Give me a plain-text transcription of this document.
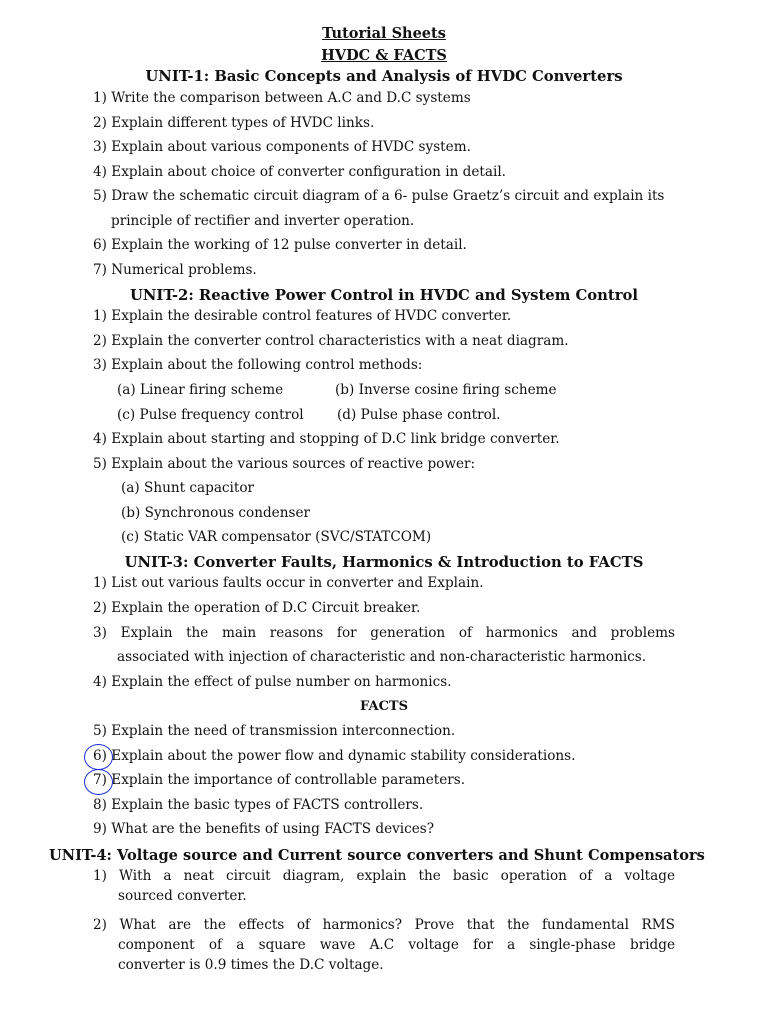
Tutorial Sheets
HVDC & FACTS
UNIT-1: Basic Concepts and Analysis of HVDC Converters
1) Write the comparison between A.C and D.C systems
2) Explain different types of HVDC links.
3) Explain about various components of HVDC system.
4) Explain about choice of converter configuration in detail.
5) Draw the schematic circuit diagram of a 6- pulse Graetz’s circuit and explain its
principle of rectifier and inverter operation.
6) Explain the working of 12 pulse converter in detail.
7) Numerical problems.
UNIT-2: Reactive Power Control in HVDC and System Control
1) Explain the desirable control features of HVDC converter.
2) Explain the converter control characteristics with a neat diagram.
3) Explain about the following control methods:
(a) Linear firing scheme	(b) Inverse cosine firing scheme
(c) Pulse frequency control (d) Pulse phase control.
4) Explain about starting and stopping of D.C link bridge converter.
5) Explain about the various sources of reactive power:
(a) Shunt capacitor
(b) Synchronous condenser
(c) Static VAR compensator (SVC/STATCOM)
UNIT-3: Converter Faults, Harmonics & Introduction to FACTS
1) List out various faults occur in converter and Explain.
2) Explain the operation of D.C Circuit breaker.
3) Explain the main reasons for generation of harmonics and problems
associated with injection of characteristic and non-characteristic harmonics.
4) Explain the effect of pulse number on harmonics.
FACTS
5) Explain the need of transmission interconnection.
6) Explain about the power flow and dynamic stability considerations.
7) Explain the importance of controllable parameters.
8) Explain the basic types of FACTS controllers.
9) What are the benefits of using FACTS devices?
UNIT-4: Voltage source and Current source converters and Shunt Compensators
1) With a neat circuit diagram, explain the basic operation of a voltage
sourced converter.
2) What are the effects of harmonics? Prove that the fundamental RMS
component of a square wave A.C voltage for a single-phase bridge
converter is 0.9 times the D.C voltage.
